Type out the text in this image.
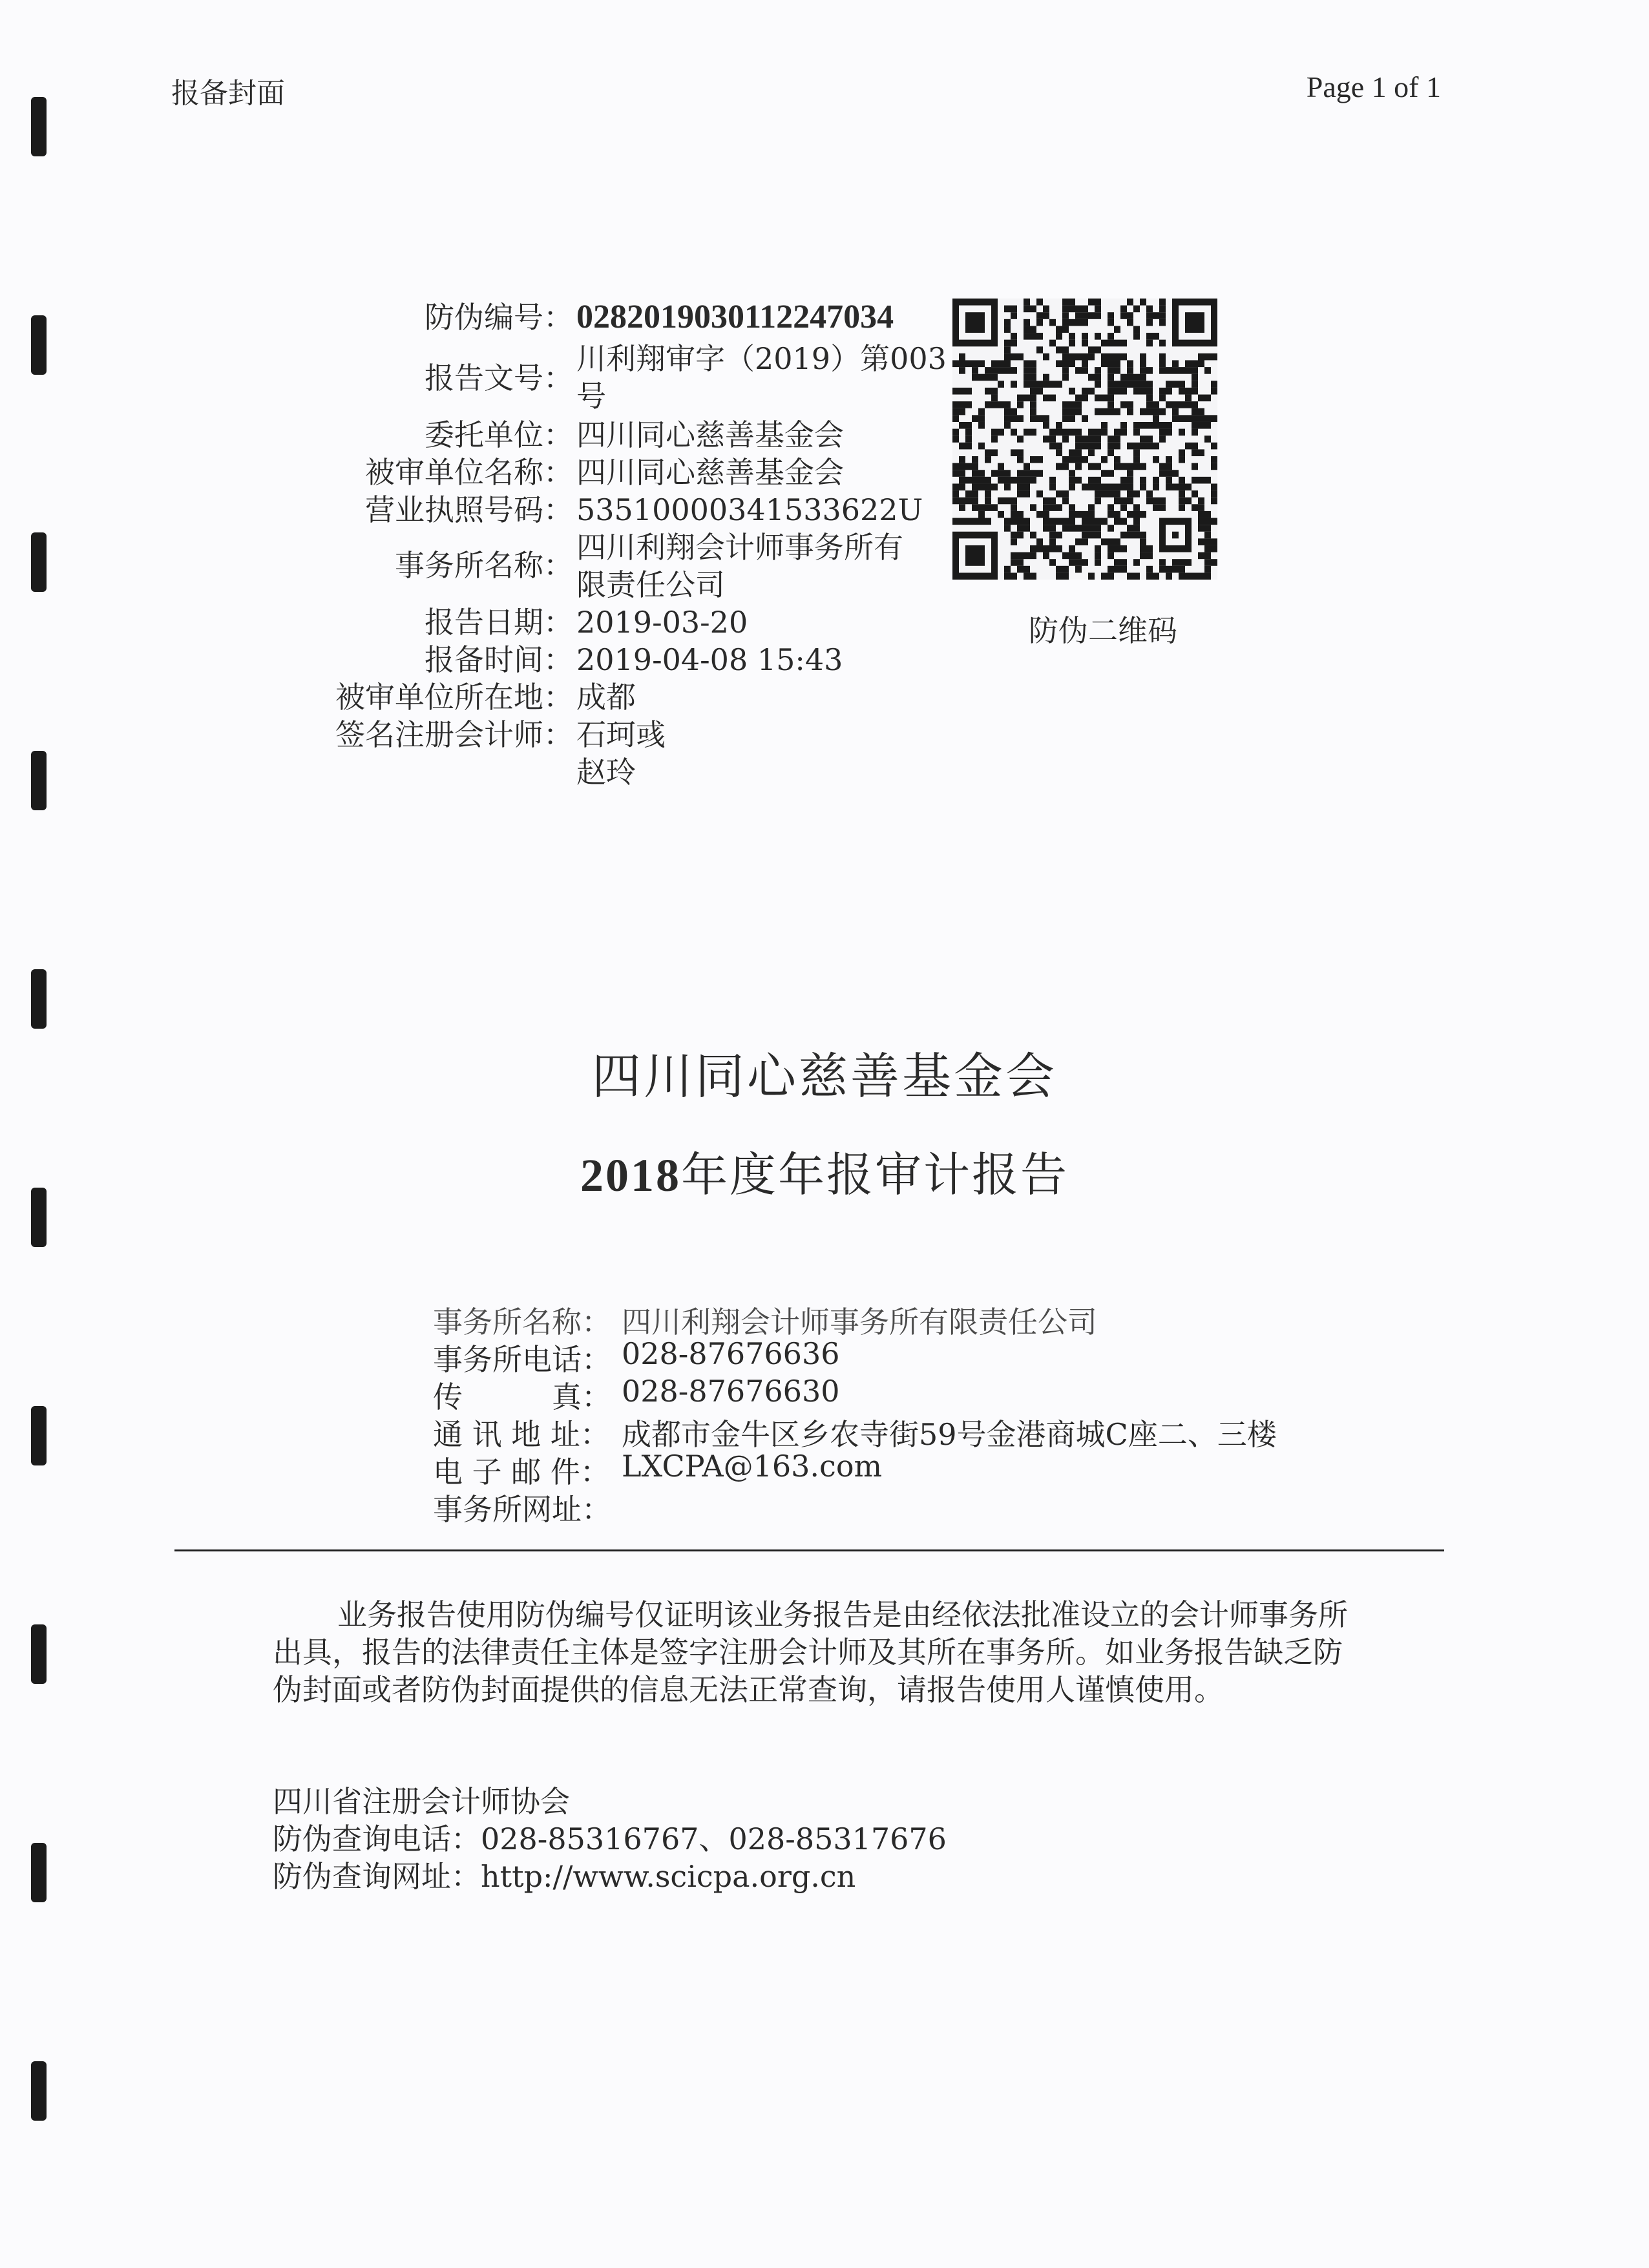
报备封面	Page 1 of 1
防伪编号： 0282019030112247034
报告文号：
川利翔审字（2019）第003
号
委托单位： 四川同心慈善基金会
被审单位名称： 四川同心慈善基金会
营业执照号码： 53510000341533622U
事务所名称：
四川利翔会计师事务所有
限责任公司
报告日期： 2019-03-20
报备时间： 2019-04-08 15:43
被审单位所在地： 成都
签名注册会计师： 石珂彧
赵玲
防伪二维码
四川同心慈善基金会
2018年度年报审计报告
事务所名称： 四川利翔会计师事务所有限责任公司
事务所电话： 028-87676636
传　　　真： 028-87676630
通 讯 地 址： 成都市金牛区乡农寺街59号金港商城C座二、三楼
电 子 邮 件： LXCPA@163.com
事务所网址：
业务报告使用防伪编号仅证明该业务报告是由经依法批准设立的会计师事务所出具，报告的法律责任主体是签字注册会计师及其所在事务所。如业务报告缺乏防伪封面或者防伪封面提供的信息无法正常查询，请报告使用人谨慎使用。
四川省注册会计师协会
防伪查询电话：028-85316767、028-85317676
防伪查询网址：http://www.scicpa.org.cn
